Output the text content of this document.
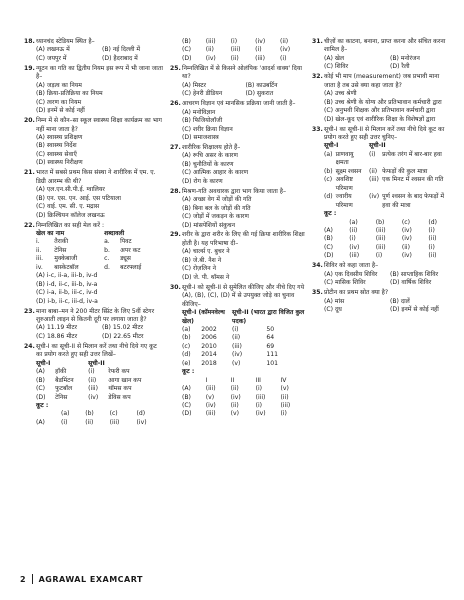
18. ध्यानचंद स्टेडियम स्थित है–
(A) लखनऊ में	(B) नई दिल्ली में
(C) जयपुर में	(D) हैदराबाद में
19. न्यूटन का गति का द्वितीय नियम इस रूप में भी जाना जाता है–
(A) जड़त्व का नियम
(B) क्रिया-प्रतिक्रिया का नियम
(C) त्वरण का नियम
(D) इनमें से कोई नहीं
20. निम्न में से कौन–सा स्कूल स्वास्थ्य शिक्षा कार्यक्रम का भाग नहीं माना जाता है?
(A) स्वास्थ्य प्रशिक्षण
(B) स्वास्थ्य निर्देश
(C) स्वास्थ्य सेवाएँ
(D) स्वास्थ्य निरीक्षण
21. भारत में सबसे प्रथम किस संस्था ने शारीरिक में एम. ए. डिग्री आरम्भ की थी?
(A) एल.एन.सी.पी.ई. ग्वालियर
(B) एन. एस. एन. आई. एस पटियाला
(C) वाई. एम. सी. ए. मद्रास
(D) क्रिश्चियन कॉलेज लखनऊ
22. निम्नलिखित का सही मेल करें :
खेल का नाम		शब्दावली	
i.	तैराकी	a.	पिवट
ii.	टेनिस	b.	अपर कट
iii.	मुक्केबाजी	c.	ड्यूस
iv.	बास्केटबॉल	d.	बटरफ्लाई
(A) i-c, ii-a, iii-b, iv-d
(B) i-d, ii-c, iii-b, iv-a
(C) i-a, ii-b, iii-c, iv-d
(D) i-b, ii-c, iii-d, iv-a
23. माना बाबा–मन ने 200 मीटर स्प्रिंट के लिए 5वीं स्टेगर शुरुआती लाइन से कितनी दूरी पर लगाया जाता है?
(A) 11.19 मीटर	(B) 15.02 मीटर
(C) 18.86 मीटर	(D) 22.65 मीटर
24. सूची-I का सूची-II से मिलान करें तथा नीचे दिये गए कूट का प्रयोग करते हुए सही उत्तर लिखें–
सूची-I		सूची-II	
(A)	हॉकी	(i)	रेफरी कप
(B)	बैडमिंटन	(ii)	आगा खान कप
(C)	फुटबॉल	(iii)	थॉमस कप
(D)	टेनिस	(iv)	डेविस कप
कूट :
	(a)	(b)	(c)	(d)
(A)	(i)	(ii)	(iii)	(iv)
(B)	(iii)	(i)	(iv)	(ii)
(C)	(ii)	(iii)	(i)	(iv)
(D)	(iv)	(ii)	(iii)	(i)
25. निम्नलिखित में से किसने ओलंपिक 'आदर्श वाक्य' दिया था?
(A) मिस्टर	(B) काउबर्टिन
(C) हेनरी डीडियन	(D) सुकरात
26. आचरण विज्ञान एवं मानसिक प्रक्रिया जानी जाती है–
(A) मनोविज्ञान
(B) फिजियोलॉजी
(C) शरीर क्रिया विज्ञान
(D) समाजशास्त्र
27. शारीरिक शिक्षालय होते हैं–
(A) रूचि असर के कारण
(B) चुनौतियों के कारण
(C) आत्मिक आहार के कारण
(D) रोग के कारण
28. मिश्रण-गति अवधारक द्वारा भाग किया जाता है–
(A) अच्छा वेग में जोड़ों की गति
(B) बिना बल के जोड़ों की गति
(C) जोड़ों में जकड़न के कारण
(D) मांसपेशियों संकुचन
29. शरीर के द्वारा शरीर के लिए की गई क्रिया शारीरिक शिक्षा होती है। यह परिभाषा दी–
(A) चार्ल्स ए. बुचर ने
(B) जे.बी. नैश ने
(C) रोज़लिन ने
(D) जे. पी. थॉमस ने
30. सूची-I को सूची-II से सुमेलित कीजिए और नीचे दिए गये (A), (B), (C), (D) में से उपयुक्त जोड़े का चुनाव कीजिए–
सूची-I (कॉमनवेल्थ खेल)		सूची-II (भारत द्वारा विजित कुल पदक)	
(a)	2002	(i)	50
(b)	2006	(ii)	64
(c)	2010	(iii)	69
(d)	2014	(iv)	111
(e)	2018	(v)	101
कूट :
	I	II	III	IV
(A)	(iii)	(ii)	(i)	(v)
(B)	(v)	(iv)	(iii)	(ii)
(C)	(iv)	(ii)	(i)	(iii)
(D)	(iii)	(v)	(iv)	(i)
31. चीज़ों का काटना, बनाना, प्राप्त करना और संचित करना शामिल है–
(A) खेल	(B) मनोरंजन
(C) शिविर	(D) रैली
32. कोई भी माप (measurement) जब प्रभावी माना जाता है तब उसे क्या कहा जाता है?
(A) उच्च श्रेणी
(B) उच्च श्रेणी के योग्य और प्रतिभावान कर्मचारी द्वारा
(C) अनुभवी शिक्षक और प्रतिभावान कर्मचारी द्वारा
(D) खेल-कूद एवं शारीरिक शिक्षा के विशेषज्ञों द्वारा
33. सूची-I का सूची-II से मिलान करें तथा नीचे दिये कूट का प्रयोग करते हुए सही उत्तर चुनिए–
सूची-I		सूची-II	
(a)	प्राणवायु क्षमता	(i)	प्रत्येक तरंग में बार-बार हवा
(b)	सूक्ष्म श्वसन	(ii)	फेफड़ों की कुल मात्रा
(c)	अवशिष्ट परिमाण	(iii)	एक मिनट में श्वसन की गति
(d)	ज्वारीय परिमाण	(iv)	पूर्ण श्वसन के बाद फेफड़ों में हवा की मात्रा
कूट :
	(a)	(b)	(c)	(d)
(A)	(ii)	(iii)	(iv)	(i)
(B)	(i)	(iii)	(iv)	(ii)
(C)	(iv)	(iii)	(ii)	(i)
(D)	(iii)	(i)	(iv)	(ii)
34. शिविर को कहा जाता है–
(A) एक दिवसीय शिविर	(B) साप्ताहिक शिविर
(C) मासिक शिविर	(D) वार्षिक शिविर
35. प्रोटीन का प्रथम स्रोत क्या है?
(A) मांस	(B) दालें
(C) दूध	(D) इनमें से कोई नहीं
2 AGRAWAL EXAMCART
